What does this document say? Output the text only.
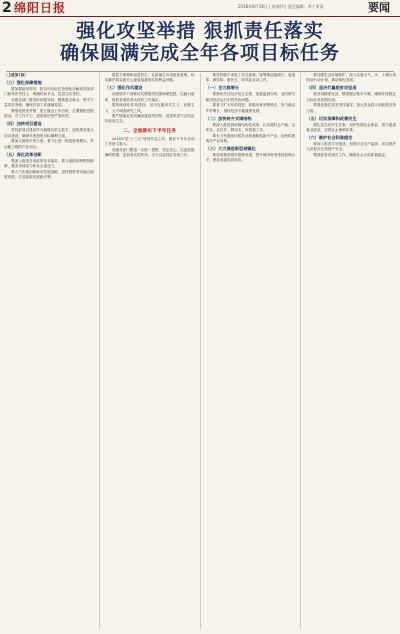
2 绵阳日报	2016年8月18日 | 星期四 | 责任编辑：李 | 审读	要闻
强化攻坚举措 狠抓责任落实
确保圆满完成全年各项目标任务

（上接第1版）

（三）强化保障措施

要加强组织领导，把各项目标任务细化分解到具体部门和具体责任人，明确时间节点，层层压实责任。

各级各部门要坚持问题导向，聚焦重点难点，集中力量攻坚突破，确保各项工作落地见效。

要强化督查考核，建立健全工作台账，定期通报进展情况，对工作不力、进度滞后的严肃问责。

（四）加快项目建设

坚持把项目建设作为稳增长的主抓手，加快推进重大项目建设，确保年度投资目标顺利完成。

要加大招商引资力度，着力引进一批投资规模大、带动能力强的产业项目。

（五）深化改革创新

要深入推进各项改革任务落实，着力破除体制机制障碍，激发市场活力和社会创造力。

要大力实施创新驱动发展战略，加快推进军民融合深度发展，打造创新发展新引擎。

要着力保障和改善民生，认真落实各项惠民政策，切实解决群众最关心最直接最现实的利益问题。

（七）强化作风建设

各级领导干部要切实增强责任感和紧迫感，以踏石留印、抓铁有痕的劲头抓好工作落实。

要持续深化作风建设，坚决克服形式主义、官僚主义，大兴调查研究之风。

要严格落实党风廉政建设责任制，营造风清气正的良好政治生态。

二、全面做实下半年任务

2016年是"十三五"规划开局之年，做好下半年各项工作意义重大。

各级各部门要进一步统一思想、坚定信心，以更加饱满的热情、更加务实的作风，全力以赴抓好各项工作。

要坚持稳中求进工作总基调，统筹推进稳增长、促改革、调结构、惠民生、防风险各项工作。

（一）全力稳增长

要密切关注经济运行态势，加强监测分析，及时研究解决经济运行中的突出问题。

要着力扩大有效投资，积极培育消费热点，努力稳定外贸增长，保持经济平稳健康发展。

（二）加快转方式调结构

要深入推进供给侧结构性改革，扎实做好去产能、去库存、去杠杆、降成本、补短板工作。

要大力发展现代服务业和战略性新兴产业，加快构建现代产业体系。

（三）大力推进新型城镇化

要加快推进城乡统筹发展，提升城市规划建设管理水平，建设美丽宜居城市。

要加强生态环境保护，深入实施大气、水、土壤污染防治行动计划，推动绿色发展。

（四）坚决打赢脱贫攻坚战

要坚持精准扶贫、精准脱贫基本方略，确保年度脱贫目标任务如期完成。

要强化脱贫攻坚责任落实，加大资金投入和政策支持力度。

（五）切实保障和改善民生

要扎实办好民生实事，加快发展社会事业，着力促进就业创业，完善社会保障体系。

（六）维护社会和谐稳定

要深入推进平安建设，加强安全生产监管，切实维护人民群众生命财产安全。

要抓好防汛减灾工作，确保社会大局和谐稳定。
